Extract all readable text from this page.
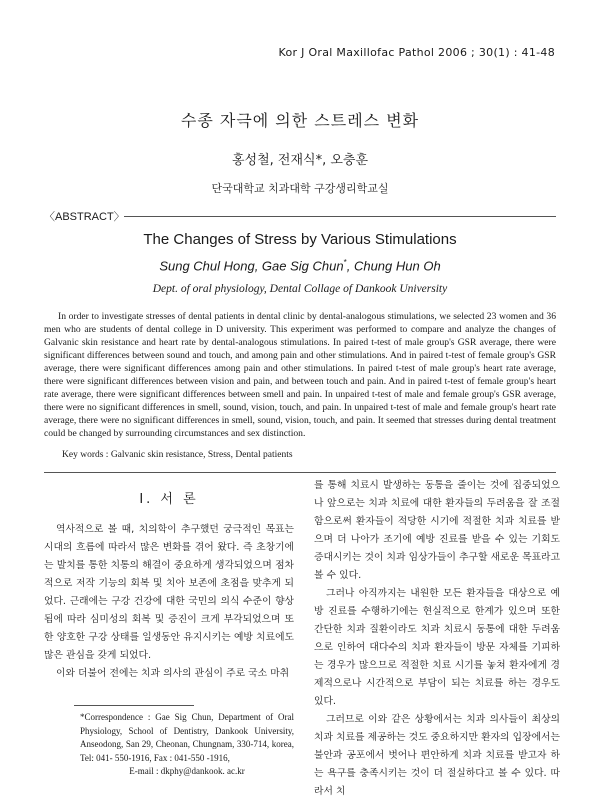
Kor J Oral Maxillofac Pathol 2006 ; 30(1) : 41-48
수종 자극에 의한 스트레스 변화
홍성철, 전재식*, 오충훈
단국대학교 치과대학 구강생리학교실
〈ABSTRACT〉
The Changes of Stress by Various Stimulations
Sung Chul Hong, Gae Sig Chun*, Chung Hun Oh
Dept. of oral physiology, Dental Collage of Dankook University
In order to investigate stresses of dental patients in dental clinic by dental-analogous stimulations, we selected 23 women and 36 men who are students of dental college in D university. This experiment was performed to compare and analyze the changes of Galvanic skin resistance and heart rate by dental-analogous stimulations. In paired t-test of male group's GSR average, there were significant differences between sound and touch, and among pain and other stimulations. And in paired t-test of female group's GSR average, there were significant differences among pain and other stimulations. In paired t-test of male group's heart rate average, there were significant differences between vision and pain, and between touch and pain. And in paired t-test of female group's heart rate average, there were significant differences between smell and pain. In unpaired t-test of male and female group's GSR average, there were no significant differences in smell, sound, vision, touch, and pain. In unpaired t-test of male and female group's heart rate average, there were no significant differences in smell, sound, vision, touch, and pain. It seemed that stresses during dental treatment could be changed by surrounding circumstances and sex distinction.
Key words : Galvanic skin resistance, Stress, Dental patients
Ⅰ. 서 론

역사적으로 볼 때, 치의학이 추구했던 궁극적인 목표는 시대의 흐름에 따라서 많은 변화를 겪어 왔다. 즉 초창기에는 발치를 통한 치통의 해결이 중요하게 생각되었으며 점차적으로 저작 기능의 회복 및 치아 보존에 초점을 맞추게 되었다. 근래에는 구강 건강에 대한 국민의 의식 수준이 향상됨에 따라 심미성의 회복 및 증진이 크게 부각되었으며 또한 양호한 구강 상태를 일생동안 유지시키는 예방 치료에도 많은 관심을 갖게 되었다.

이와 더불어 전에는 치과 의사의 관심이 주로 국소 마취

를 통해 치료시 발생하는 동통을 줄이는 것에 집중되었으나 앞으로는 치과 치료에 대한 환자들의 두려움을 잘 조절함으로써 환자들이 적당한 시기에 적절한 치과 치료를 받으며 더 나아가 조기에 예방 진료를 받을 수 있는 기회도 증대시키는 것이 치과 임상가들이 추구할 새로운 목표라고 볼 수 있다.

그러나 아직까지는 내원한 모든 환자들을 대상으로 예방 진료를 수행하기에는 현실적으로 한계가 있으며 또한 간단한 치과 질환이라도 치과 치료시 동통에 대한 두려움으로 인하여 대다수의 치과 환자들이 방문 자체를 기피하는 경우가 많으므로 적절한 치료 시기를 놓쳐 환자에게 경제적으로나 시간적으로 부담이 되는 치료를 하는 경우도 있다.

그러므로 이와 같은 상황에서는 치과 의사들이 최상의 치과 치료를 제공하는 것도 중요하지만 환자의 입장에서는 불안과 공포에서 벗어나 편안하게 치과 치료를 받고자 하는 욕구를 충족시키는 것이 더 절실하다고 볼 수 있다. 따라서 치

*Correspondence : Gae Sig Chun, Department of Oral Physiology, School of Dentistry, Dankook University, Anseodong, San 29, Cheonan, Chungnam, 330-714, korea, Tel: 041- 550-1916, Fax : 041-550 -1916,
E-mail : dkphy@dankook. ac.kr
